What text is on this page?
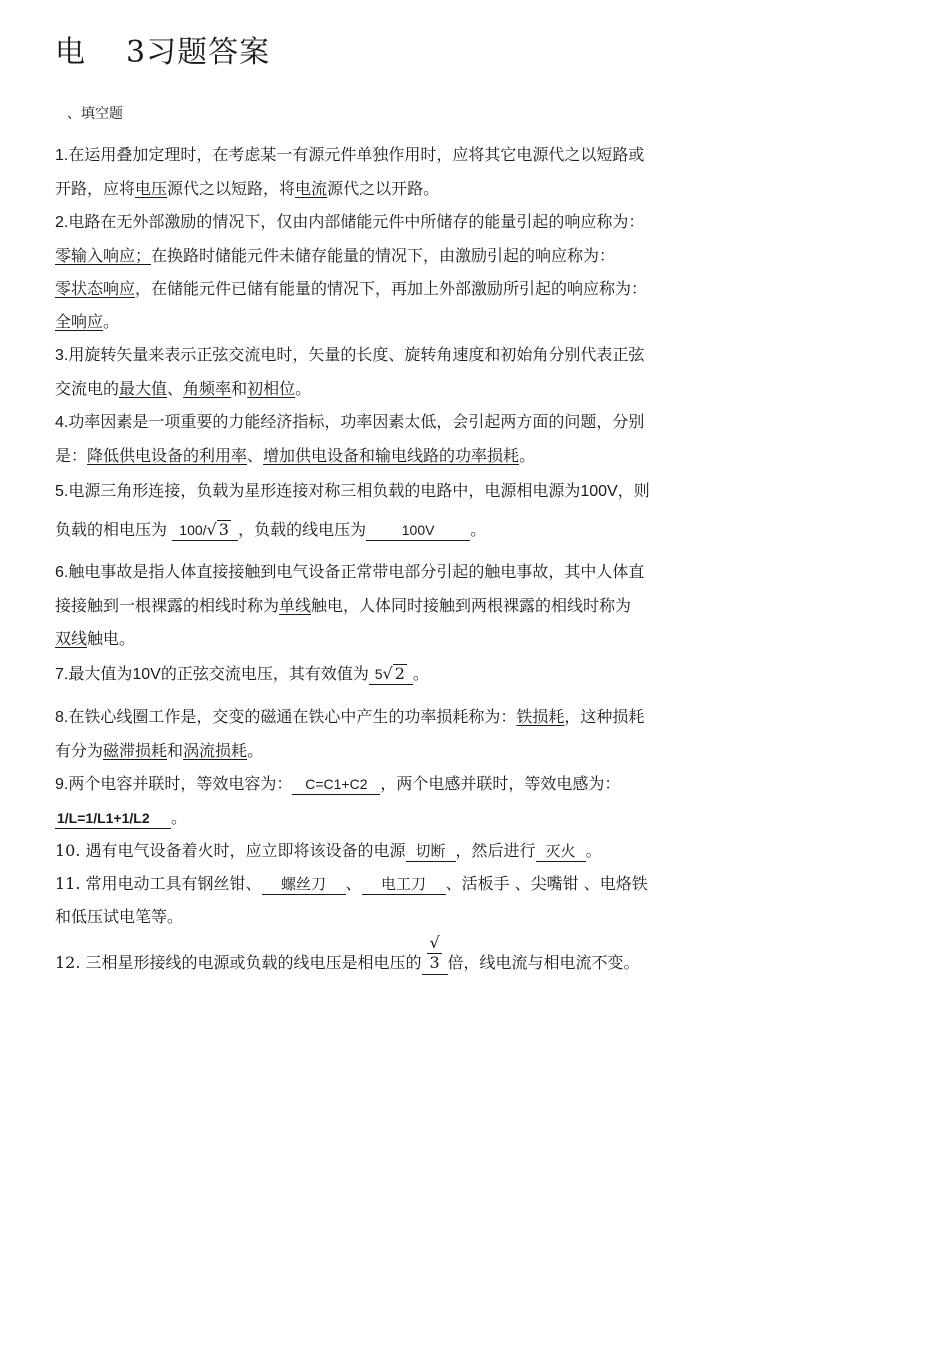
电 3习题答案
、填空题

1.在运用叠加定理时，在考虑某一有源元件单独作用时，应将其它电源代之以短路或开路，应将电压源代之以短路，将电流源代之以开路。

2.电路在无外部激励的情况下，仅由内部储能元件中所储存的能量引起的响应称为：
零输入响应；在换路时储能元件未储存能量的情况下，由激励引起的响应称为：
零状态响应，在储能元件已储有能量的情况下，再加上外部激励所引起的响应称为：全响应。

3.用旋转矢量来表示正弦交流电时，矢量的长度、旋转角速度和初始角分别代表正弦交流电的最大值、角频率和初相位。

4.功率因素是一项重要的力能经济指标，功率因素太低，会引起两方面的问题，分别是：降低供电设备的利用率、增加供电设备和输电线路的功率损耗。

5.电源三角形连接，负载为星形连接对称三相负载的电路中，电源相电源为100V，则负载的相电压为 100/√ 3 ，负载的线电压为	100V 。

6.触电事故是指人体直接接触到电气设备正常带电部分引起的触电事故，其中人体直接接触到一根裸露的相线时称为单线触电，人体同时接触到两根裸露的相线时称为
双线触电。

7.最大值为10V的正弦交流电压，其有效值为 5√ 2 。

8.在铁心线圈工作是，交变的磁通在铁心中产生的功率损耗称为：铁损耗，这种损耗有分为磁滞损耗和涡流损耗。

9.两个电容并联时，等效电容为： C=C1+C2 ，两个电感并联时，等效电感为：
1/L=1/L1+1/L2 。

10. 遇有电气设备着火时，应立即将该设备的电源 切断 ，然后进行 灭火 。

11. 常用电动工具有钢丝钳、 螺丝刀 、 电工刀 、活板手 、尖嘴钳 、电烙铁和低压试电笔等。

12. 三相星形接线的电源或负载的线电压是相电压的√3 倍，线电流与相电流不变。
